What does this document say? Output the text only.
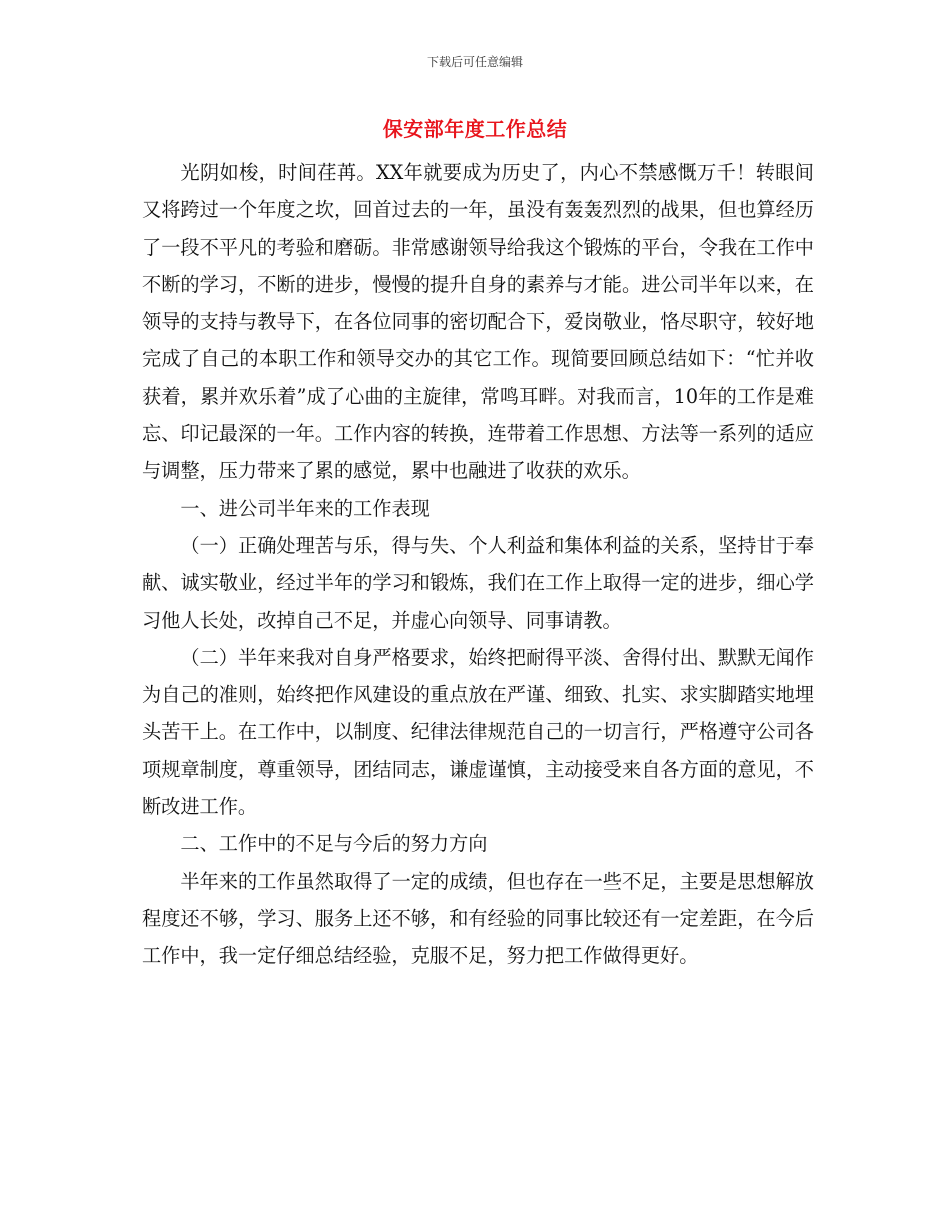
下载后可任意编辑
保安部年度工作总结

光阴如梭，时间荏苒。XX年就要成为历史了，内心不禁感慨万千！转眼间又将跨过一个年度之坎，回首过去的一年，虽没有轰轰烈烈的战果，但也算经历了一段不平凡的考验和磨砺。非常感谢领导给我这个锻炼的平台，令我在工作中不断的学习，不断的进步，慢慢的提升自身的素养与才能。进公司半年以来，在领导的支持与教导下，在各位同事的密切配合下，爱岗敬业，恪尽职守，较好地完成了自己的本职工作和领导交办的其它工作。现简要回顾总结如下：“忙并收获着，累并欢乐着”成了心曲的主旋律，常鸣耳畔。对我而言，10年的工作是难忘、印记最深的一年。工作内容的转换，连带着工作思想、方法等一系列的适应与调整，压力带来了累的感觉，累中也融进了收获的欢乐。

一、进公司半年来的工作表现

（一）正确处理苦与乐，得与失、个人利益和集体利益的关系，坚持甘于奉献、诚实敬业，经过半年的学习和锻炼，我们在工作上取得一定的进步，细心学习他人长处，改掉自己不足，并虚心向领导、同事请教。

（二）半年来我对自身严格要求，始终把耐得平淡、舍得付出、默默无闻作为自己的准则，始终把作风建设的重点放在严谨、细致、扎实、求实脚踏实地埋头苦干上。在工作中，以制度、纪律法律规范自己的一切言行，严格遵守公司各项规章制度，尊重领导，团结同志，谦虚谨慎，主动接受来自各方面的意见，不断改进工作。

二、工作中的不足与今后的努力方向

半年来的工作虽然取得了一定的成绩，但也存在一些不足，主要是思想解放程度还不够，学习、服务上还不够，和有经验的同事比较还有一定差距，在今后工作中，我一定仔细总结经验，克服不足，努力把工作做得更好。
